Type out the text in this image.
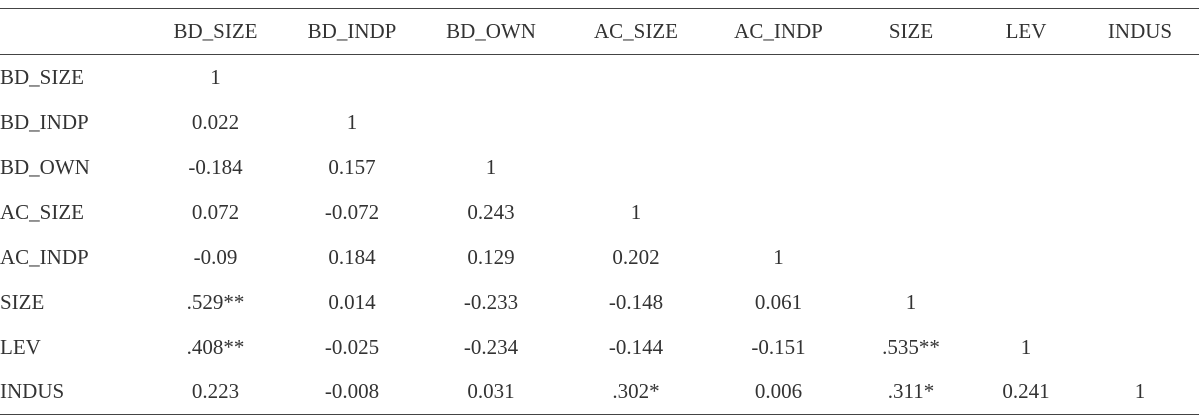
	BD_SIZE	BD_INDP	BD_OWN	AC_SIZE	AC_INDP	SIZE	LEV	INDUS
BD_SIZE	1							
BD_INDP	0.022	1						
BD_OWN	-0.184	0.157	1					
AC_SIZE	0.072	-0.072	0.243	1				
AC_INDP	-0.09	0.184	0.129	0.202	1			
SIZE	.529**	0.014	-0.233	-0.148	0.061	1		
LEV	.408**	-0.025	-0.234	-0.144	-0.151	.535**	1	
INDUS	0.223	-0.008	0.031	.302*	0.006	.311*	0.241	1
